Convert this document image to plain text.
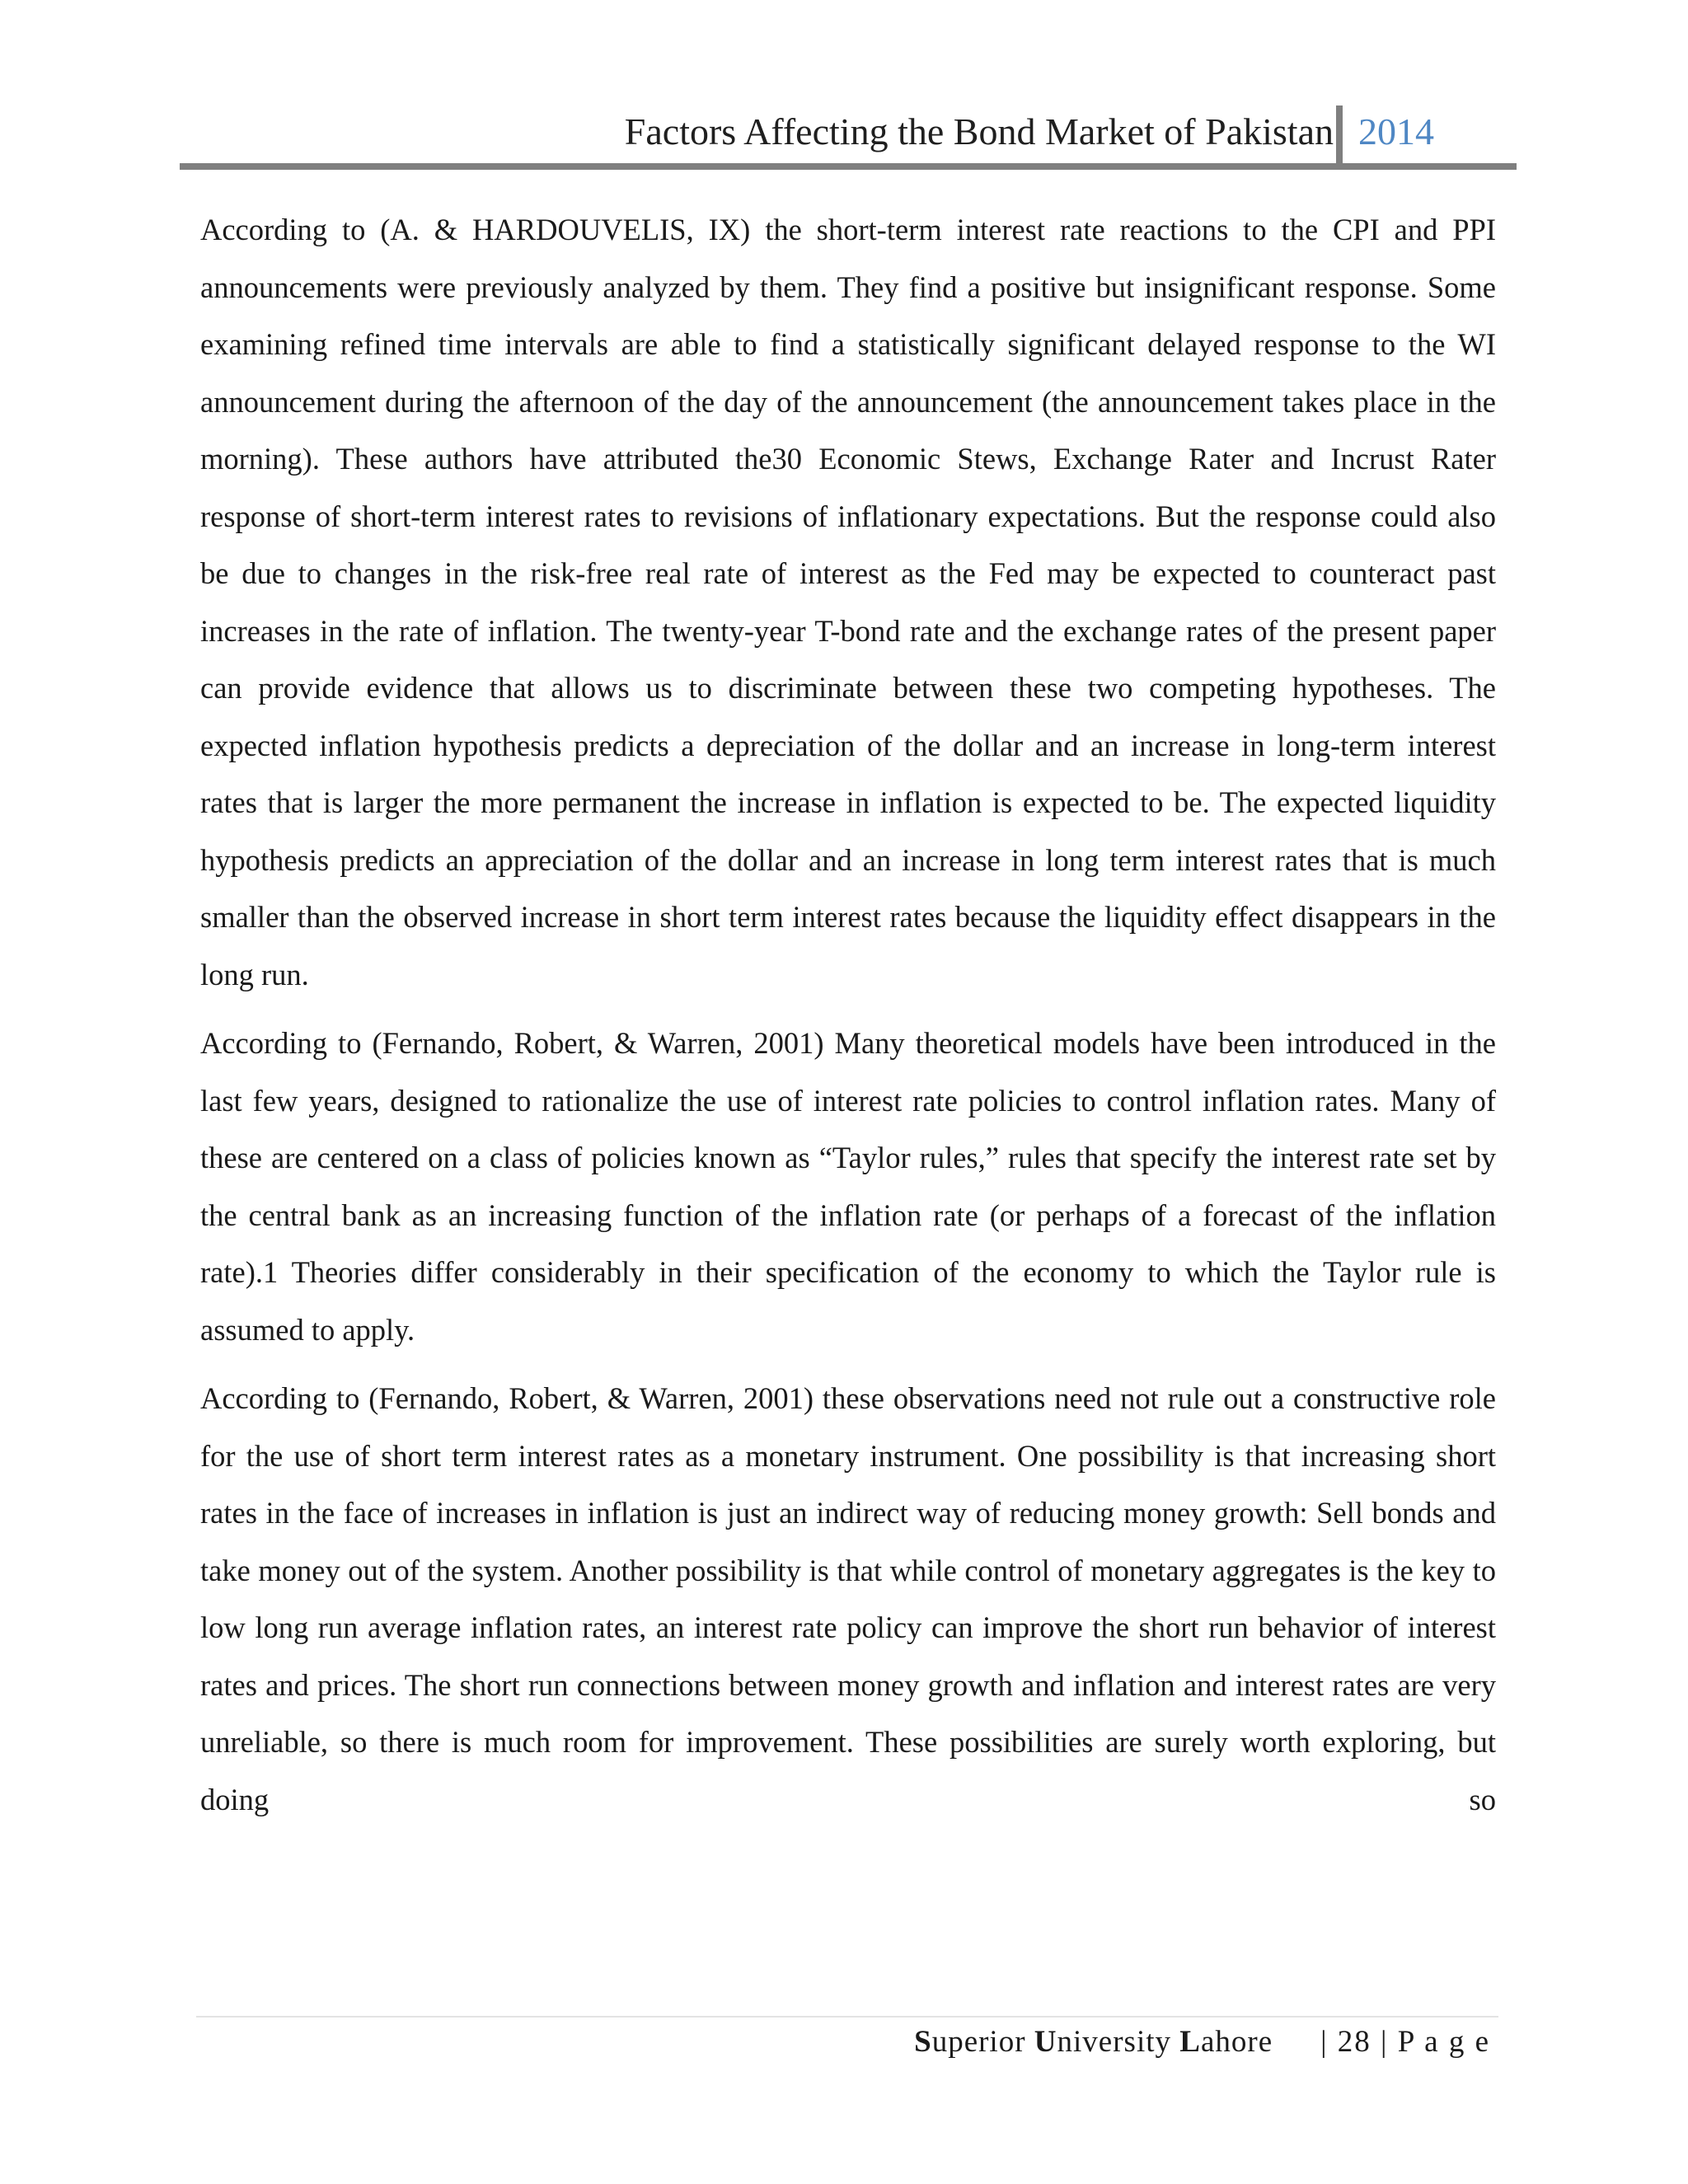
Factors Affecting the Bond Market of Pakistan 2014

According to (A. & HARDOUVELIS, IX) the short-term interest rate reactions to the CPI and PPI announcements were previously analyzed by them. They find a positive but insignificant response. Some examining refined time intervals are able to find a statistically significant delayed response to the WI announcement during the afternoon of the day of the announcement (the announcement takes place in the morning). These authors have attributed the30 Economic Stews, Exchange Rater and Incrust Rater response of short-term interest rates to revisions of inflationary expectations. But the response could also be due to changes in the risk-free real rate of interest as the Fed may be expected to counteract past increases in the rate of inflation. The twenty-year T-bond rate and the exchange rates of the present paper can provide evidence that allows us to discriminate between these two competing hypotheses. The expected inflation hypothesis predicts a depreciation of the dollar and an increase in long-term interest rates that is larger the more permanent the increase in inflation is expected to be. The expected liquidity hypothesis predicts an appreciation of the dollar and an increase in long term interest rates that is much smaller than the observed increase in short term interest rates because the liquidity effect disappears in the long run.

According to (Fernando, Robert, & Warren, 2001) Many theoretical models have been introduced in the last few years, designed to rationalize the use of interest rate policies to control inflation rates. Many of these are centered on a class of policies known as “Taylor rules,” rules that specify the interest rate set by the central bank as an increasing function of the inflation rate (or perhaps of a forecast of the inflation rate).1 Theories differ considerably in their specification of the economy to which the Taylor rule is assumed to apply.

According to (Fernando, Robert, & Warren, 2001) these observations need not rule out a constructive role for the use of short term interest rates as a monetary instrument. One possibility is that increasing short rates in the face of increases in inflation is just an indirect way of reducing money growth: Sell bonds and take money out of the system. Another possibility is that while control of monetary aggregates is the key to low long run average inflation rates, an interest rate policy can improve the short run behavior of interest rates and prices. The short run connections between money growth and inflation and interest rates are very unreliable, so there is much room for improvement. These possibilities are surely worth exploring, but doing so

Superior University Lahore | 28 | P a g e
